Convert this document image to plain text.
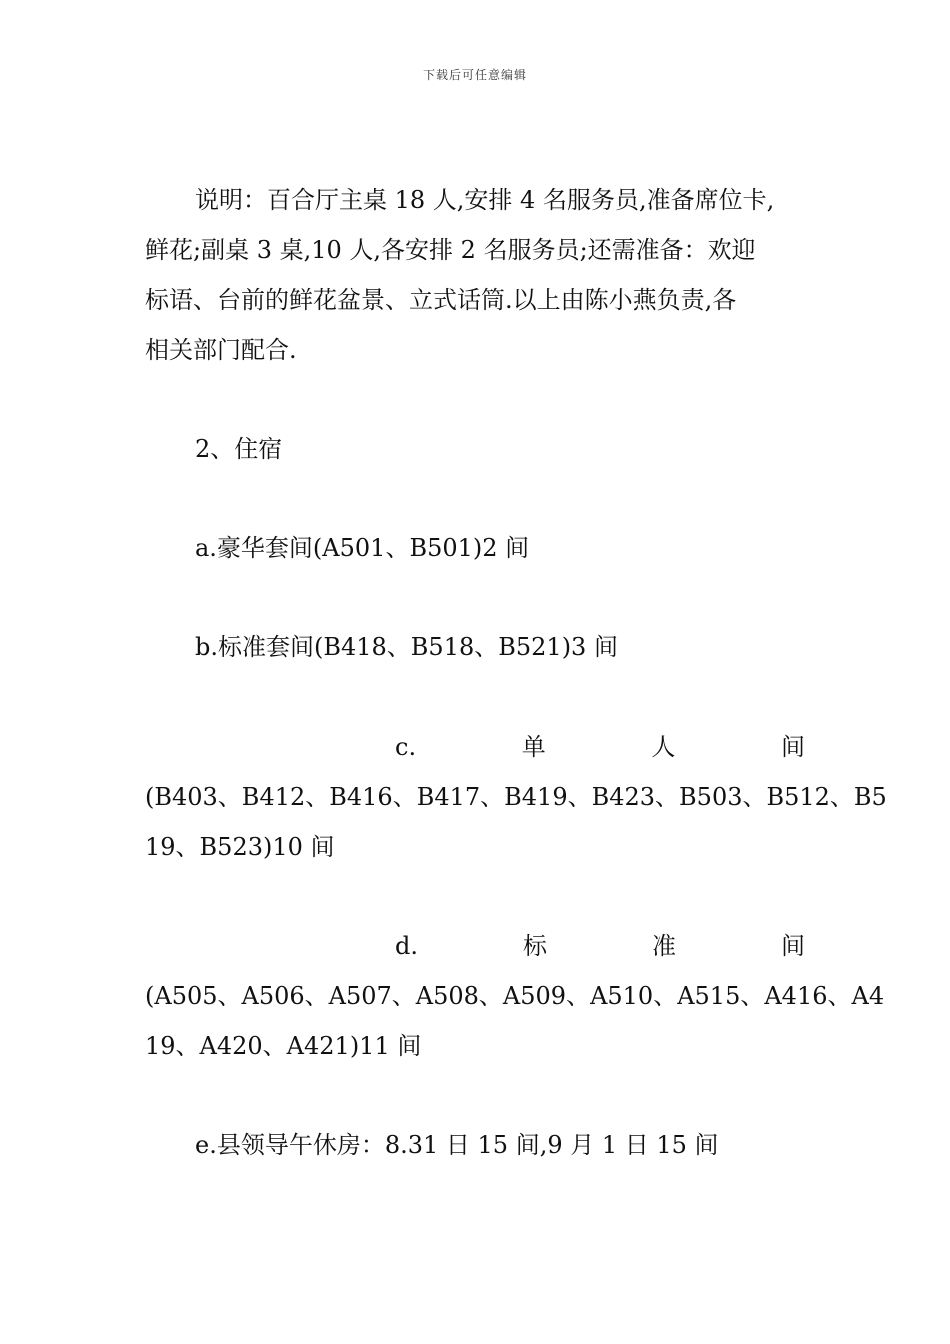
下载后可任意编辑
说明：百合厅主桌 18 人,安排 4 名服务员,准备席位卡,
鲜花;副桌 3 桌,10 人,各安排 2 名服务员;还需准备：欢迎
标语、台前的鲜花盆景、立式话筒.以上由陈小燕负责,各
相关部门配合.
2、住宿
a.豪华套间(A501、B501)2 间
b.标准套间(B418、B518、B521)3 间
c.	单	人	间
(B403、B412、B416、B417、B419、B423、B503、B512、B5
19、B523)10 间
d.	标	准	间
(A505、A506、A507、A508、A509、A510、A515、A416、A4
19、A420、A421)11 间
e.县领导午休房：8.31 日 15 间,9 月 1 日 15 间
